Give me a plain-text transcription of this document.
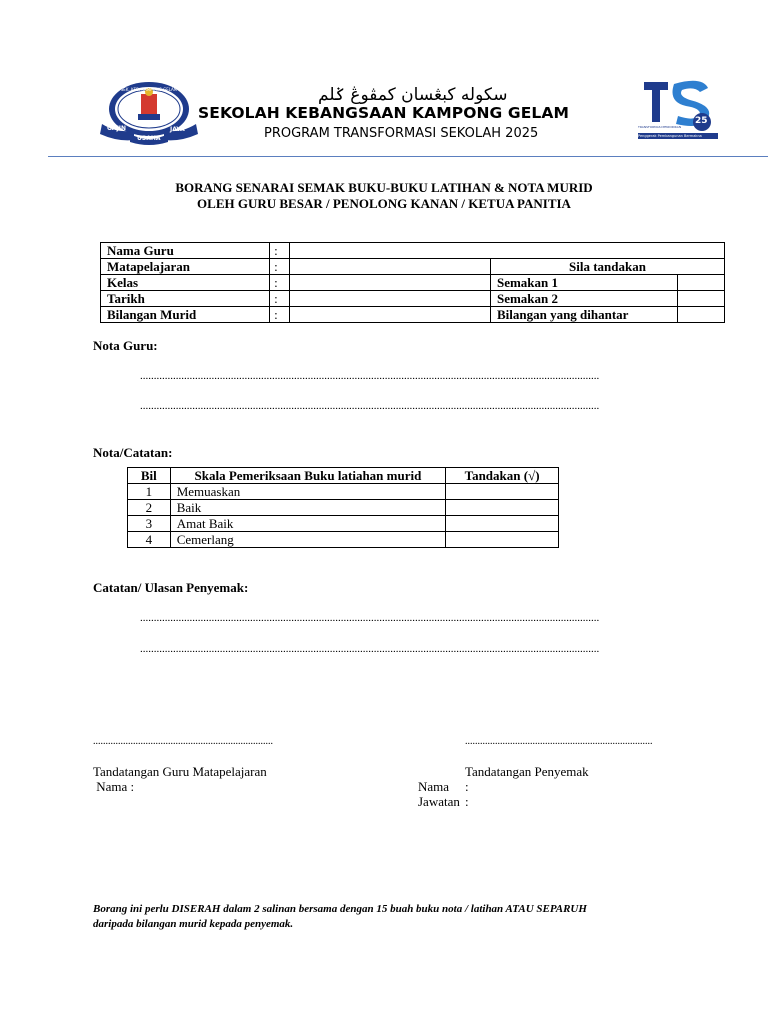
GAJIN	JAYA
USAHA
SEK. KEB. KAMPONG GELAM	سکوله کبڠسان کمڤوڠ ݢلم
SEKOLAH KEBANGSAAN KAMPONG GELAM
PROGRAM TRANSFORMASI SEKOLAH 2025
25
TRANSFORMASI PENDIDIKAN
Penggerak Pembangunan Bermakna
BORANG SENARAI SEMAK BUKU-BUKU LATIHAN & NOTA MURID
OLEH GURU BESAR / PENOLONG KANAN / KETUA PANITIA
Nama Guru	:			
Matapelajaran	:		Sila tandakan	
Kelas	:		Semakan 1	
Tarikh	:		Semakan 2	
Bilangan Murid	:		Bilangan yang dihantar	
Nota Guru:
.......................................................................................................................................................................
.......................................................................................................................................................................
Nota/Catatan:
Bil	Skala Pemeriksaan Buku latiahan murid	Tandakan (√)
1	Memuaskan	
2	Baik	
3	Amat Baik	
4	Cemerlang	
Catatan/ Ulasan Penyemak:
.......................................................................................................................................................................
.......................................................................................................................................................................
........................................................................	...........................................................................
Tandatangan Guru Matapelajaran
Nama :
Tandatangan Penyemak
Nama :
Jawatan :
Borang ini perlu DISERAH dalam 2 salinan bersama dengan 15 buah buku nota / latihan ATAU SEPARUH
daripada bilangan murid kepada penyemak.
